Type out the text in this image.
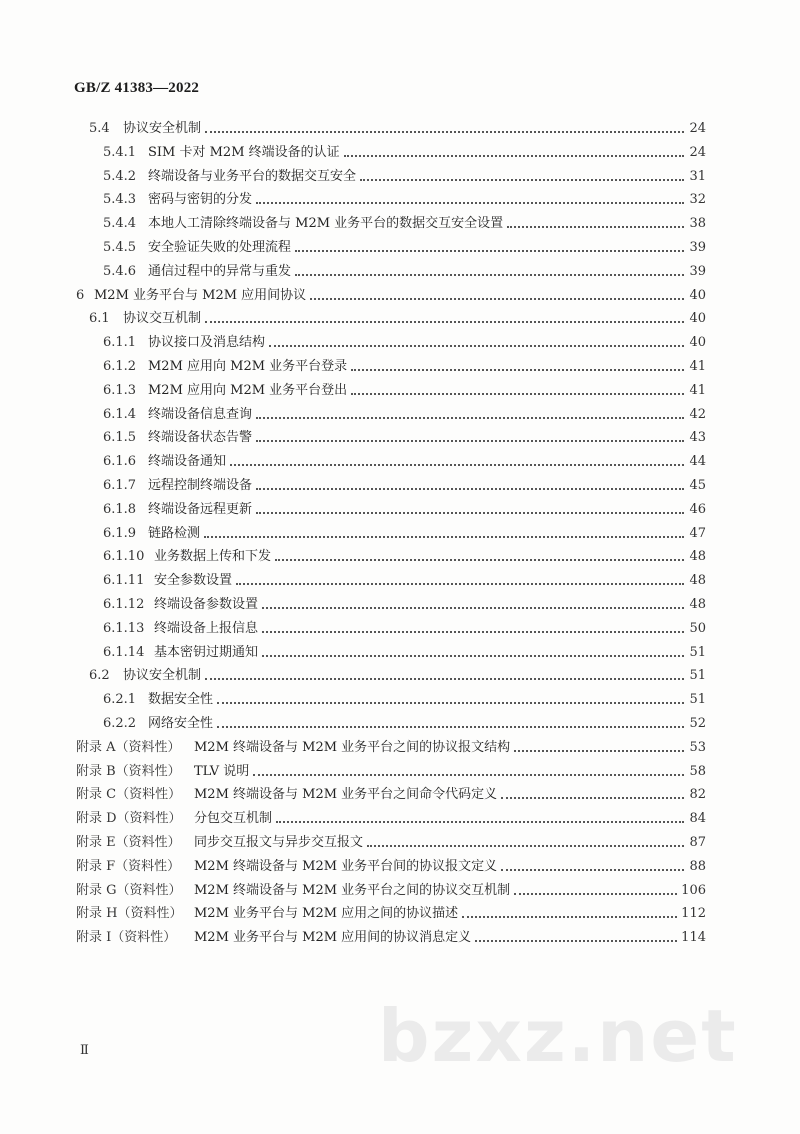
GB/Z 41383—2022
5.4	协议安全机制	24
5.4.1 SIM 卡对 M2M 终端设备的认证	24
5.4.2 终端设备与业务平台的数据交互安全	31
5.4.3 密码与密钥的分发	32
5.4.4 本地人工清除终端设备与 M2M 业务平台的数据交互安全设置	38
5.4.5 安全验证失败的处理流程	39
5.4.6 通信过程中的异常与重发	39
6 M2M 业务平台与 M2M 应用间协议	40
6.1	协议交互机制	40
6.1.1 协议接口及消息结构	40
6.1.2 M2M 应用向 M2M 业务平台登录	41
6.1.3 M2M 应用向 M2M 业务平台登出	41
6.1.4 终端设备信息查询	42
6.1.5 终端设备状态告警	43
6.1.6 终端设备通知	44
6.1.7 远程控制终端设备	45
6.1.8 终端设备远程更新	46
6.1.9 链路检测	47
6.1.10 业务数据上传和下发	48
6.1.11 安全参数设置	48
6.1.12 终端设备参数设置	48
6.1.13 终端设备上报信息	50
6.1.14 基本密钥过期通知	51
6.2	协议安全机制	51
6.2.1 数据安全性	51
6.2.2 网络安全性	52
附录 A（资料性）	M2M 终端设备与 M2M 业务平台之间的协议报文结构	53
附录 B（资料性）	TLV 说明	58
附录 C（资料性） M2M 终端设备与 M2M 业务平台之间命令代码定义	82
附录 D（资料性） 分包交互机制	84
附录 E（资料性）	同步交互报文与异步交互报文	87
附录 F（资料性）	M2M 终端设备与 M2M 业务平台间的协议报文定义	88
附录 G（资料性） M2M 终端设备与 M2M 业务平台之间的协议交互机制	106
附录 H（资料性） M2M 业务平台与 M2M 应用之间的协议描述	112
附录 I（资料性）	M2M 业务平台与 M2M 应用间的协议消息定义	114
Ⅱ	bzxz.net
